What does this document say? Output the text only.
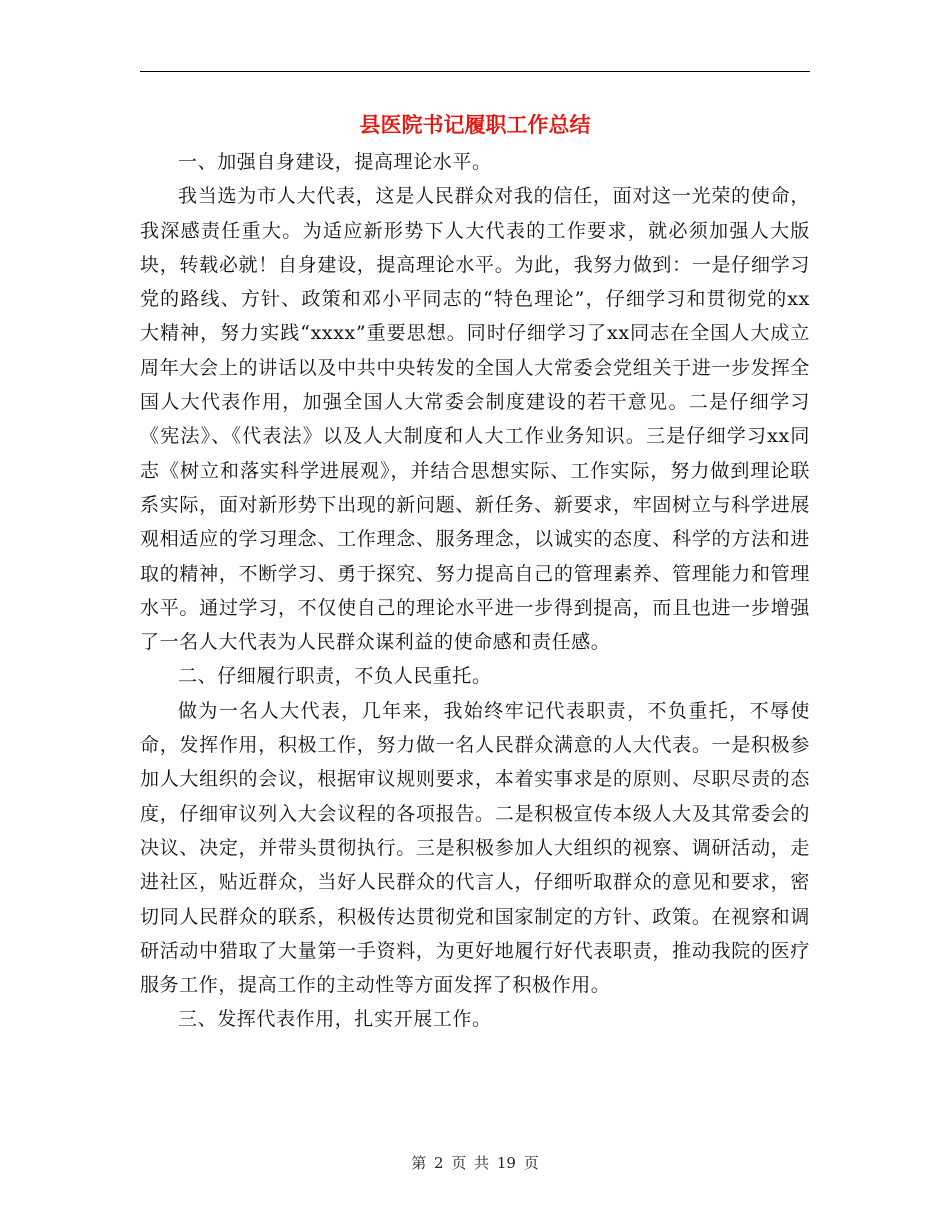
县医院书记履职工作总结

一、加强自身建设，提高理论水平。

我当选为市人大代表，这是人民群众对我的信任，面对这一光荣的使命，我深感责任重大。为适应新形势下人大代表的工作要求，就必须加强人大版块，转载必就！自身建设，提高理论水平。为此，我努力做到：一是仔细学习党的路线、方针、政策和邓小平同志的“特色理论”，仔细学习和贯彻党的xx大精神，努力实践“xxxx”重要思想。同时仔细学习了xx同志在全国人大成立周年大会上的讲话以及中共中央转发的全国人大常委会党组关于进一步发挥全国人大代表作用，加强全国人大常委会制度建设的若干意见。二是仔细学习《宪法》、《代表法》以及人大制度和人大工作业务知识。三是仔细学习xx同志《树立和落实科学进展观》，并结合思想实际、工作实际，努力做到理论联系实际，面对新形势下出现的新问题、新任务、新要求，牢固树立与科学进展观相适应的学习理念、工作理念、服务理念，以诚实的态度、科学的方法和进取的精神，不断学习、勇于探究、努力提高自己的管理素养、管理能力和管理水平。通过学习，不仅使自己的理论水平进一步得到提高，而且也进一步增强了一名人大代表为人民群众谋利益的使命感和责任感。

二、仔细履行职责，不负人民重托。

做为一名人大代表，几年来，我始终牢记代表职责，不负重托，不辱使命，发挥作用，积极工作，努力做一名人民群众满意的人大代表。一是积极参加人大组织的会议，根据审议规则要求，本着实事求是的原则、尽职尽责的态度，仔细审议列入大会议程的各项报告。二是积极宣传本级人大及其常委会的决议、决定，并带头贯彻执行。三是积极参加人大组织的视察、调研活动，走进社区，贴近群众，当好人民群众的代言人，仔细听取群众的意见和要求，密切同人民群众的联系，积极传达贯彻党和国家制定的方针、政策。在视察和调研活动中猎取了大量第一手资料，为更好地履行好代表职责，推动我院的医疗服务工作，提高工作的主动性等方面发挥了积极作用。

三、发挥代表作用，扎实开展工作。

第 2 页 共 19 页
